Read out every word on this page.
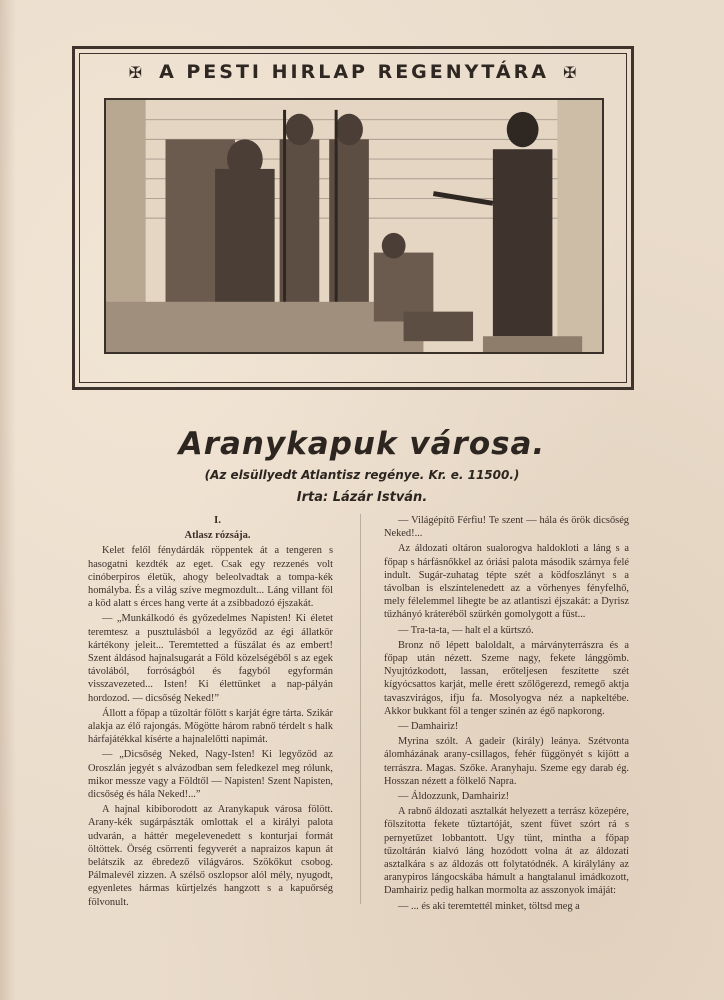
✠ A PESTI HIRLAP REGENYTÁRA ✠
Aranykapuk városa.
(Az elsüllyedt Atlantisz regénye. Kr. e. 11500.)
Irta: Lázár István.

I.

Atlasz rózsája.

Kelet felől fénydárdák röppentek át a tengeren s hasogatni kezdték az eget. Csak egy rezzenés volt cinóberpiros életük, ahogy beleolvadtak a tompa-kék homályba. És a világ szíve megmozdult... Láng villant föl a köd alatt s érces hang verte át a zsibbadozó éjszakát.

— „Munkálkodó és győzedelmes Napisten! Ki életet teremtesz a pusztulásból a legyőződ az égi állatkör kártékony jeleit... Teremtetted a füszálat és az embert! Szent áldásod hajnalsugarát a Föld közelségéből s az egek távolából, forróságból és fagyból egyformán visszavezeted... Isten! Ki élettünket a nap-pályán hordozod. — dicsőség Neked!”

Állott a főpap a tűzoltár fölött s karját égre tárta. Szikár alakja az élő rajongás. Mögötte három rabnő térdelt s halk hárfajátékkal kísérte a hajnalelőtti napimát.

— „Dicsőség Neked, Nagy-Isten! Ki legyőzöd az Oroszlán jegyét s alvázodban sem feledkezel meg rólunk, mikor messze vagy a Földtől — Napisten! Szent Napisten, dicsőség és hála Neked!...”

A hajnal kibiborodott az Aranykapuk városa fölött. Arany-kék sugárpászták omlottak el a királyi palota udvarán, a háttér megelevenedett s konturjai formát öltöttek. Örség csörrenti fegyverét a napraizos kapun át belátszik az ébredező világváros. Szökőkut csobog. Pálmalevél zizzen. A szélső oszlopsor alól mély, nyugodt, egyenletes hármas kürtjelzés hangzott s a kapuőrség fölvonult.

— Világépítő Férfiu! Te szent — hála és örök dicsőség Neked!...

Az áldozati oltáron sualorogva haldokloti a láng s a főpap s hárfásnőkkel az óriási palota második szárnya felé indult. Sugár-zuhatag tépte szét a ködfoszlányt s a távolban is elszíntelenedett az a vörhenyes fényfelhő, mely félelemmel lihegte be az atlantiszi éjszakát: a Dyrisz tűzhányó kráteréből szürkén gomolygott a füst...

— Tra-ta-ta, — halt el a kürtszó.

Bronz nő lépett baloldalt, a márványterrászra és a főpap után nézett. Szeme nagy, fekete lánggömb. Nyujtózkodott, lassan, erőteljesen feszítette szét kígyócsattos karját, melle érett szőlőgerezd, remegő aktja tavaszvirágos, ifju fa. Mosolyogva néz a napkeltébe. Akkor bukkant föl a tenger szinén az égő napkorong.

— Damhairiz!

Myrina szólt. A gadeir (király) leánya. Szétvonta álomházának arany-csillagos, fehér függönyét s kijött a terrászra. Magas. Szőke. Aranyhaju. Szeme egy darab ég. Hosszan nézett a fölkelő Napra.

— Áldozzunk, Damhairiz!

A rabnő áldozati asztalkát helyezett a terrász közepére, fölszította fekete tűztartóját, szent füvet szórt rá s pernyetűzet lobbantott. Ugy tünt, mintha a főpap tűzoltárán kialvó láng hozódott volna át az áldozati asztalkára s az áldozás ott folytatódnék. A királylány az aranypiros lángocskába hámult a hangtalanul imádkozott, Damhairiz pedig halkan mormolta az asszonyok imáját:

— ... és aki teremtettél minket, töltsd meg a
